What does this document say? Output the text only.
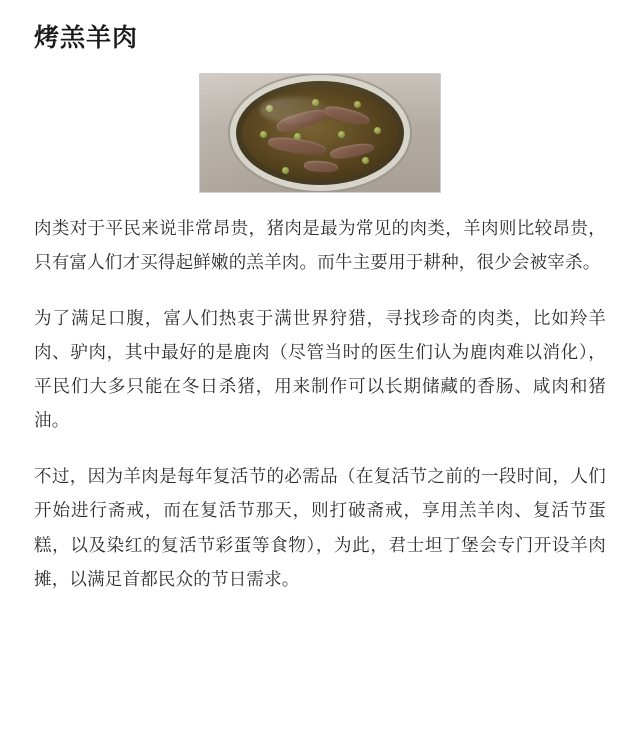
烤羔羊肉

肉类对于平民来说非常昂贵，猪肉是最为常见的肉类，羊肉则比较昂贵，只有富人们才买得起鲜嫩的羔羊肉。而牛主要用于耕种，很少会被宰杀。

为了满足口腹，富人们热衷于满世界狩猎，寻找珍奇的肉类，比如羚羊肉、驴肉，其中最好的是鹿肉（尽管当时的医生们认为鹿肉难以消化），平民们大多只能在冬日杀猪，用来制作可以长期储藏的香肠、咸肉和猪油。

不过，因为羊肉是每年复活节的必需品（在复活节之前的一段时间，人们开始进行斋戒，而在复活节那天，则打破斋戒，享用羔羊肉、复活节蛋糕，以及染红的复活节彩蛋等食物），为此，君士坦丁堡会专门开设羊肉摊，以满足首都民众的节日需求。
